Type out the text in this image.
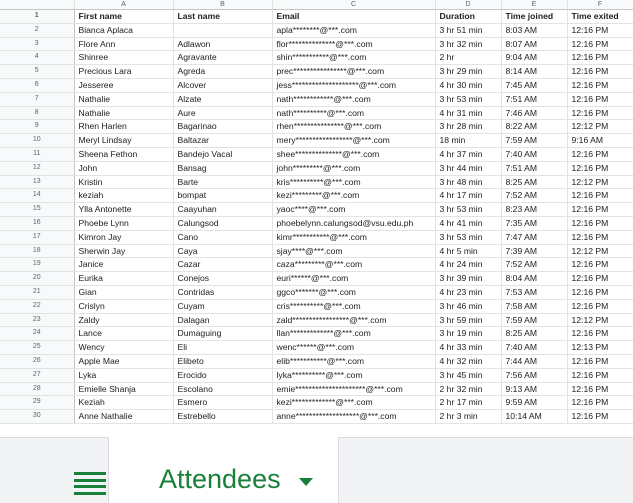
	A	B	C	D	E	F
1	First name	Last name	Email	Duration	Time joined	Time exited
2	Bianca Aplaca		apla********@***.com	3 hr 51 min	8:03 AM	12:16 PM
3	Flore Ann	Adlawon	flor**************@***.com	3 hr 32 min	8:07 AM	12:16 PM
4	Shinree	Agravante	shin***********@***.com	2 hr	9:04 AM	12:16 PM
5	Precious Lara	Agreda	prec****************@***.com	3 hr 29 min	8:14 AM	12:16 PM
6	Jesseree	Alcover	jess********************@***.com	4 hr 30 min	7:45 AM	12:16 PM
7	Nathalie	Alzate	nath************@***.com	3 hr 53 min	7:51 AM	12:16 PM
8	Nathalie	Aure	nath**********@***.com	4 hr 31 min	7:46 AM	12:16 PM
9	Rhen Harlen	Bagarinao	rhen***************@***.com	3 hr 28 min	8:22 AM	12:12 PM
10	Meryl Lindsay	Baltazar	mery*****************@***.com	18 min	7:59 AM	9:16 AM
11	Sheena Fethon	Bandejo Vacal	shee**************@***.com	4 hr 37 min	7:40 AM	12:16 PM
12	John	Bansag	john*********@***.com	3 hr 44 min	7:51 AM	12:16 PM
13	Kristin	Barte	kris**********@***.com	3 hr 48 min	8:25 AM	12:12 PM
14	keziah	bompat	kezi*********@***.com	4 hr 17 min	7:52 AM	12:16 PM
15	Ylla Antonette	Caayuhan	yaoc****@***.com	3 hr 53 min	8:23 AM	12:16 PM
16	Phoebe Lynn	Calungsod	phoebelynn.calungsod@vsu.edu.ph	4 hr 41 min	7:35 AM	12:16 PM
17	Kimron Jay	Cano	kimr***********@***.com	3 hr 53 min	7:47 AM	12:16 PM
18	Sherwin Jay	Caya	sjay****@***.com	4 hr 5 min	7:39 AM	12:12 PM
19	Janice	Cazar	caza*********@***.com	4 hr 24 min	7:52 AM	12:16 PM
20	Eurika	Conejos	euri******@***.com	3 hr 39 min	8:04 AM	12:16 PM
21	Gian	Contridas	ggco*******@***.com	4 hr 23 min	7:53 AM	12:16 PM
22	Crislyn	Cuyam	cris**********@***.com	3 hr 46 min	7:58 AM	12:16 PM
23	Zaldy	Dalagan	zald*****************@***.com	3 hr 59 min	7:59 AM	12:12 PM
24	Lance	Dumaguing	llan*************@***.com	3 hr 19 min	8:25 AM	12:16 PM
25	Wency	Eli	wenc******@***.com	4 hr 33 min	7:40 AM	12:13 PM
26	Apple Mae	Elibeto	elib***********@***.com	4 hr 32 min	7:44 AM	12:16 PM
27	Lyka	Erocido	lyka**********@***.com	3 hr 45 min	7:56 AM	12:16 PM
28	Emielle Shanja	Escolano	emie*********************@***.com	2 hr 32 min	9:13 AM	12:16 PM
29	Keziah	Esmero	kezi*************@***.com	2 hr 17 min	9:59 AM	12:16 PM
30	Anne Nathalie	Estrebello	anne*******************@***.com	2 hr 3 min	10:14 AM	12:16 PM
Attendees
